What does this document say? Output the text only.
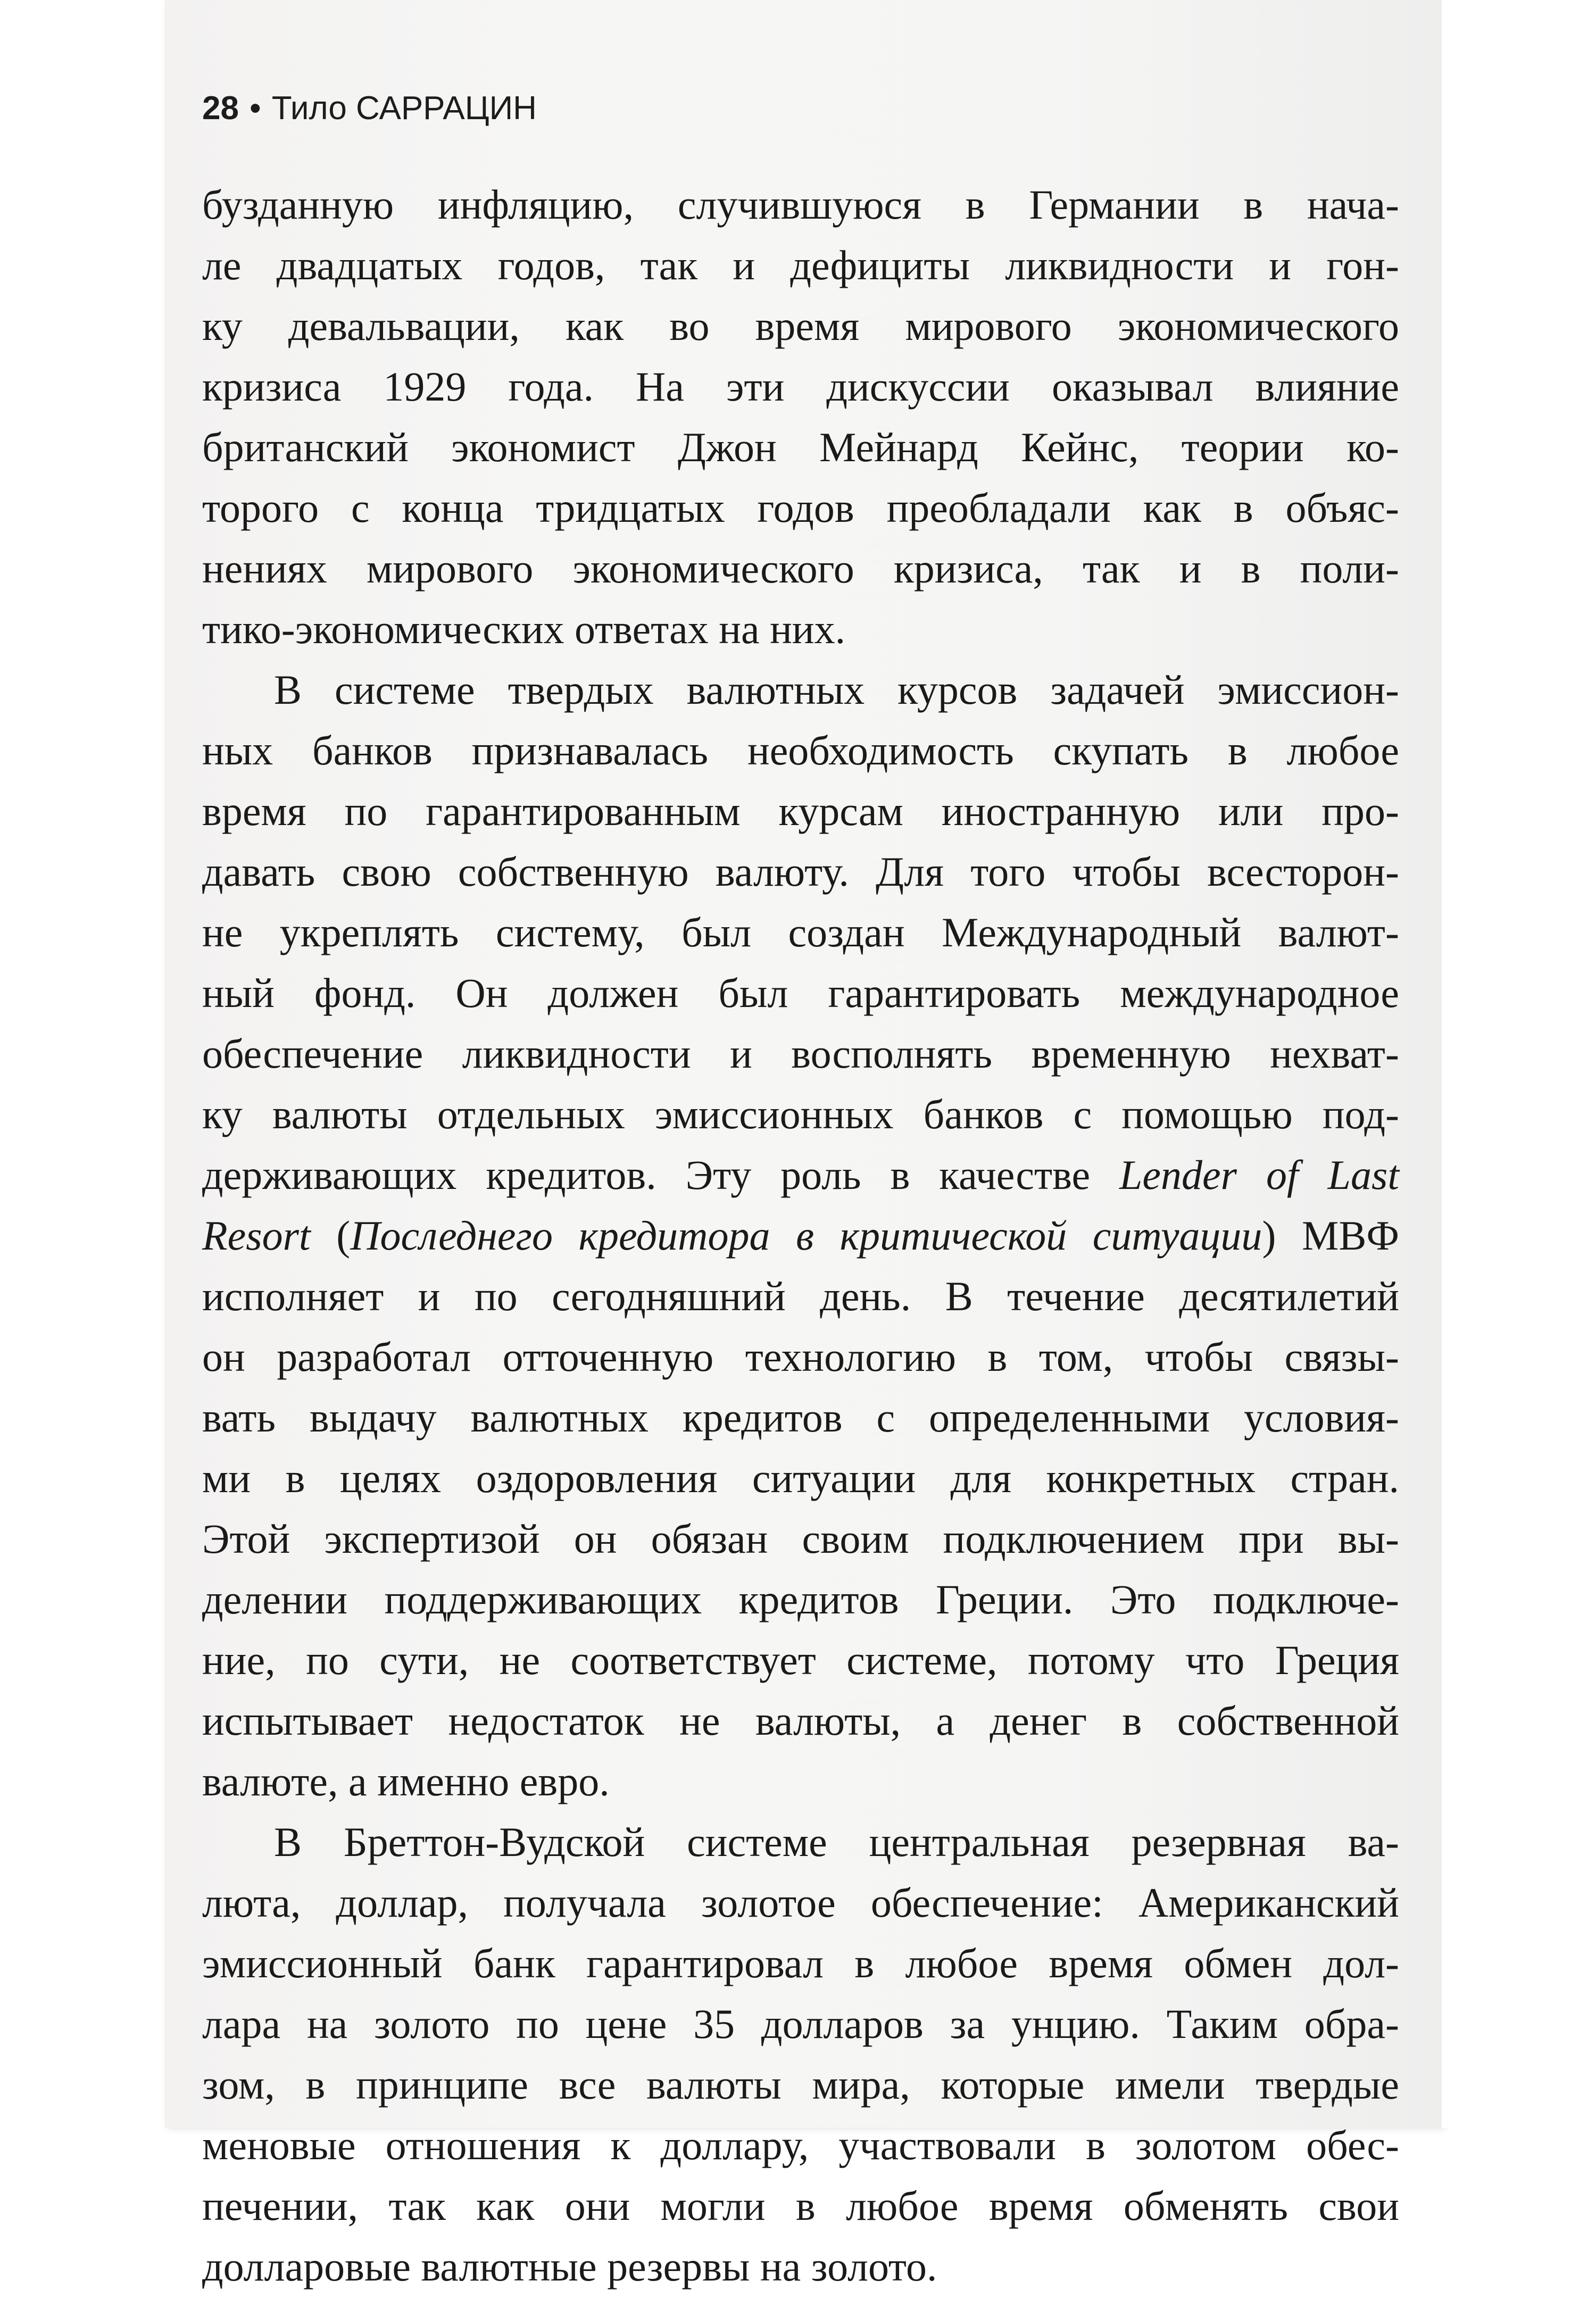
28 • Тило САРРАЦИН
бузданную инфляцию, случившуюся в Германии в нача-
ле двадцатых годов, так и дефициты ликвидности и гон-
ку девальвации, как во время мирового экономического
кризиса 1929 года. На эти дискуссии оказывал влияние
британский экономист Джон Мейнард Кейнс, теории ко-
торого с конца тридцатых годов преобладали как в объяс-
нениях мирового экономического кризиса, так и в поли-
тико-экономических ответах на них.
В системе твердых валютных курсов задачей эмиссион-
ных банков признавалась необходимость скупать в любое
время по гарантированным курсам иностранную или про-
давать свою собственную валюту. Для того чтобы всесторон-
не укреплять систему, был создан Международный валют-
ный фонд. Он должен был гарантировать международное
обеспечение ликвидности и восполнять временную нехват-
ку валюты отдельных эмиссионных банков с помощью под-
держивающих кредитов. Эту роль в качестве Lender of Last
Resort (Последнего кредитора в критической ситуации) МВФ
исполняет и по сегодняшний день. В течение десятилетий
он разработал отточенную технологию в том, чтобы связы-
вать выдачу валютных кредитов с определенными условия-
ми в целях оздоровления ситуации для конкретных стран.
Этой экспертизой он обязан своим подключением при вы-
делении поддерживающих кредитов Греции. Это подключе-
ние, по сути, не соответствует системе, потому что Греция
испытывает недостаток не валюты, а денег в собственной
валюте, а именно евро.
В Бреттон-Вудской системе центральная резервная ва-
люта, доллар, получала золотое обеспечение: Американский
эмиссионный банк гарантировал в любое время обмен дол-
лара на золото по цене 35 долларов за унцию. Таким обра-
зом, в принципе все валюты мира, которые имели твердые
меновые отношения к доллару, участвовали в золотом обес-
печении, так как они могли в любое время обменять свои
долларовые валютные резервы на золото.
